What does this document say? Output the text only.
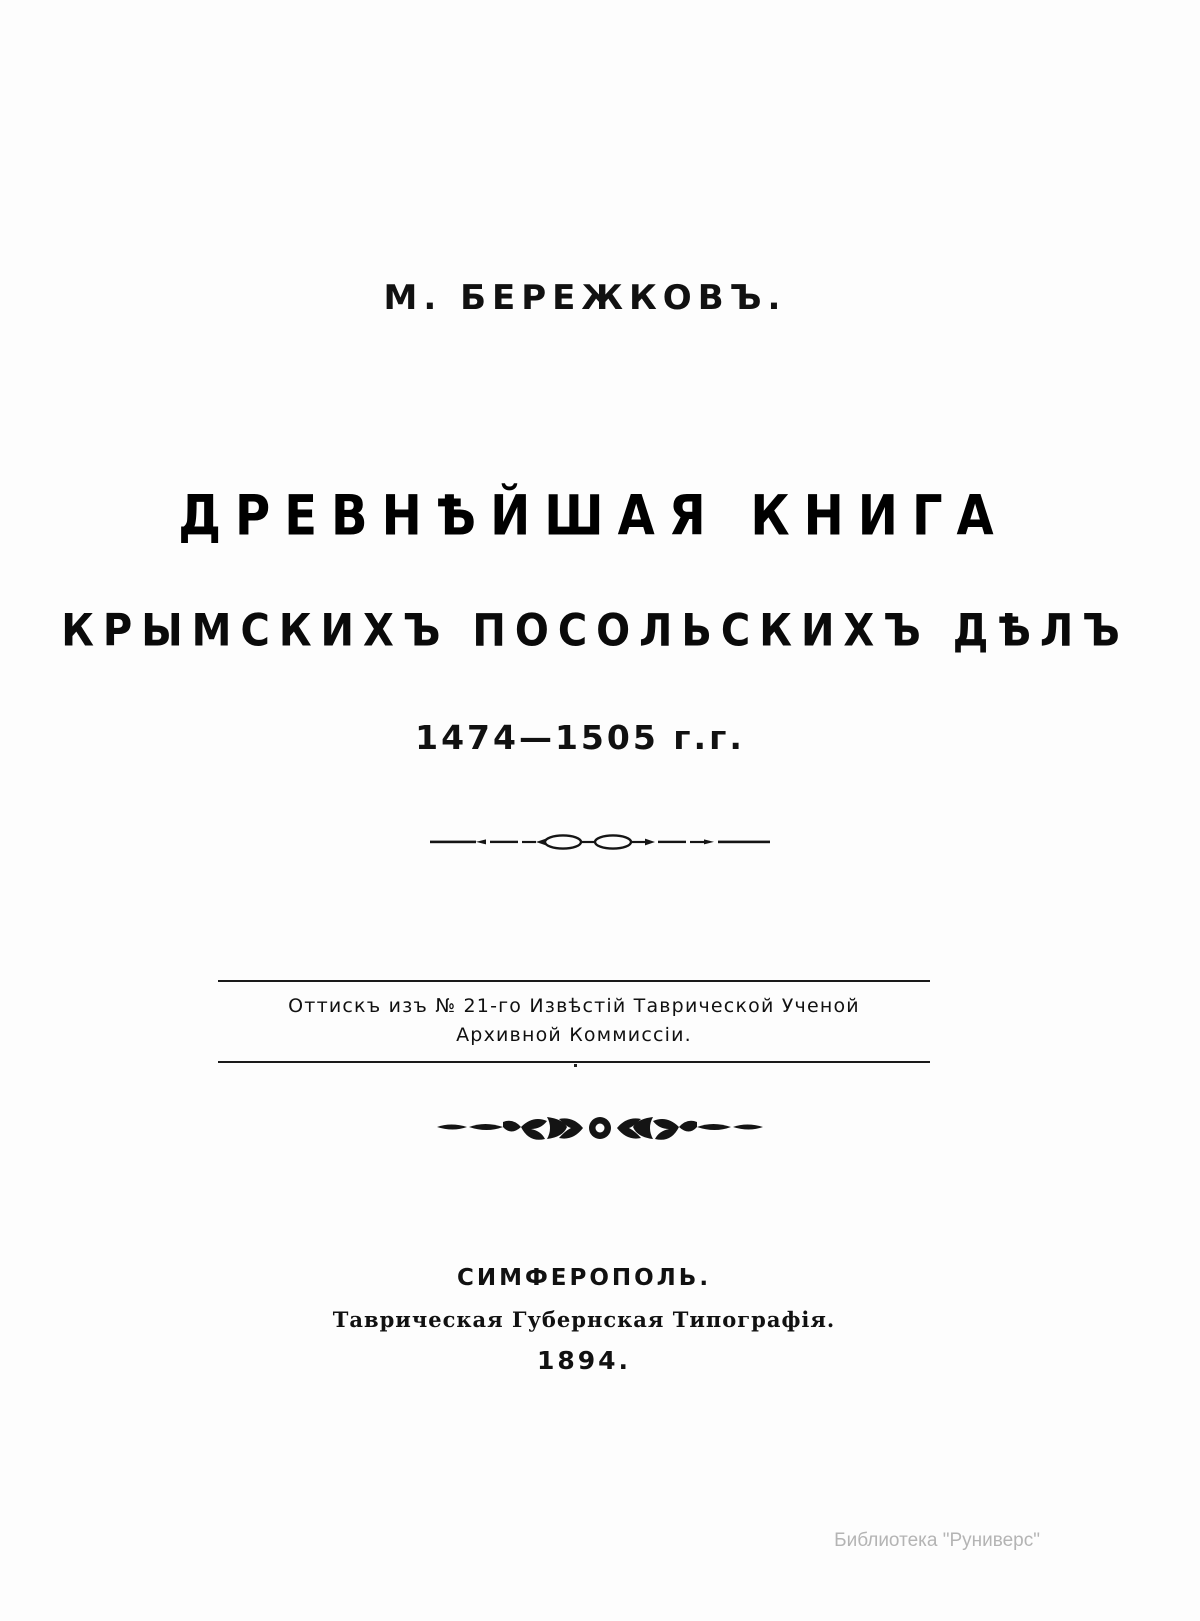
М. БЕРЕЖКОВЪ.
ДРЕВНѢЙШАЯ КНИГА
КРЫМСКИХЪ ПОСОЛЬСКИХЪ ДѢЛЪ
1474—1505 г.г.
Оттискъ изъ № 21-го Извѣстій Таврической Ученой
Архивной Коммиссіи.
СИМФЕРОПОЛЬ.
Таврическая Губернская Типографія.
1894.
Библиотека "Руниверс"
